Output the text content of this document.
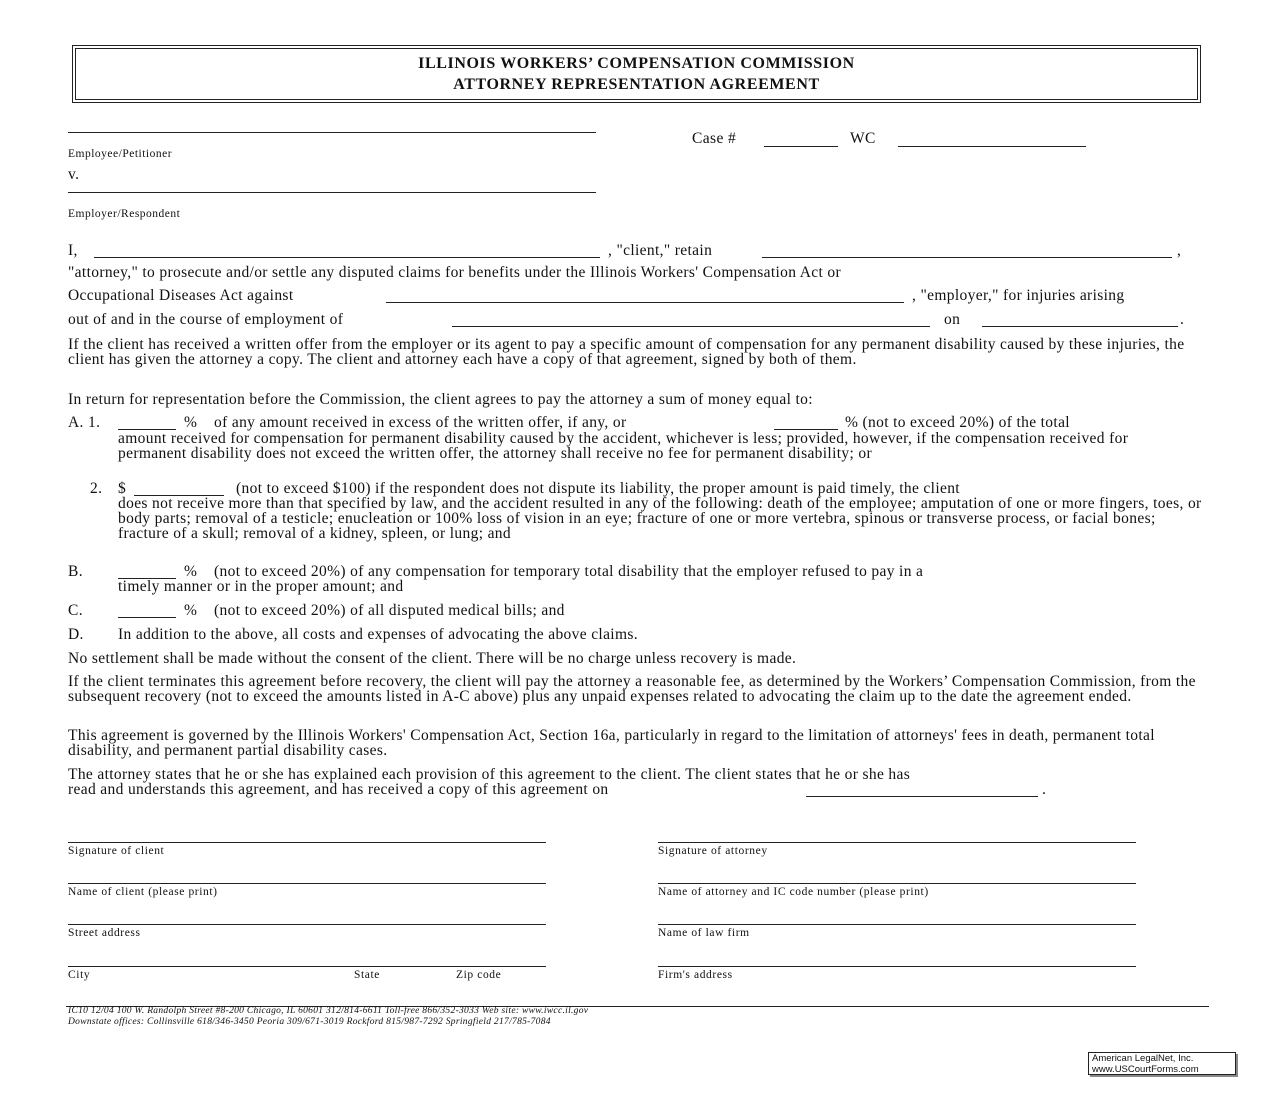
ILLINOIS WORKERS’ COMPENSATION COMMISSION
ATTORNEY REPRESENTATION AGREEMENT
Employee/Petitioner
v.
Employer/Respondent
Case #	WC
I,	, "client," retain	,
"attorney," to prosecute and/or settle any disputed claims for benefits under the Illinois Workers' Compensation Act or
Occupational Diseases Act against	, "employer," for injuries arising
out of and in the course of employment of	on	.
If the client has received a written offer from the employer or its agent to pay a specific amount of compensation for any permanent disability caused by these injuries, the client has given the attorney a copy. The client and attorney each have a copy of that agreement, signed by both of them.
In return for representation before the Commission, the client agrees to pay the attorney a sum of money equal to:
A. 1.	% of any amount received in excess of the written offer, if any, or	% (not to exceed 20%) of the total
amount received for compensation for permanent disability caused by the accident, whichever is less; provided, however, if the compensation received for permanent disability does not exceed the written offer, the attorney shall receive no fee for permanent disability; or
2. $	(not to exceed $100) if the respondent does not dispute its liability, the proper amount is paid timely, the client
does not receive more than that specified by law, and the accident resulted in any of the following: death of the employee; amputation of one or more fingers, toes, or body parts; removal of a testicle; enucleation or 100% loss of vision in an eye; fracture of one or more vertebra, spinous or transverse process, or facial bones; fracture of a skull; removal of a kidney, spleen, or lung; and
B.	% (not to exceed 20%) of any compensation for temporary total disability that the employer refused to pay in a
timely manner or in the proper amount; and
C.	% (not to exceed 20%) of all disputed medical bills; and
D. In addition to the above, all costs and expenses of advocating the above claims.
No settlement shall be made without the consent of the client. There will be no charge unless recovery is made.
If the client terminates this agreement before recovery, the client will pay the attorney a reasonable fee, as determined by the Workers’ Compensation Commission, from the subsequent recovery (not to exceed the amounts listed in A-C above) plus any unpaid expenses related to advocating the claim up to the date the agreement ended.
This agreement is governed by the Illinois Workers' Compensation Act, Section 16a, particularly in regard to the limitation of attorneys' fees in death, permanent total disability, and permanent partial disability cases.
The attorney states that he or she has explained each provision of this agreement to the client. The client states that he or she has
read and understands this agreement, and has received a copy of this agreement on	.
Signature of client	Signature of attorney
Name of client (please print)	Name of attorney and IC code number (please print)
Street address	Name of law firm
City	State	Zip code	Firm's address
IC10 12/04 100 W. Randolph Street #8-200 Chicago, IL 60601 312/814-6611 Toll-free 866/352-3033 Web site: www.iwcc.il.gov
Downstate offices: Collinsville 618/346-3450 Peoria 309/671-3019 Rockford 815/987-7292 Springfield 217/785-7084
American LegalNet, Inc.
www.USCourtForms.com
